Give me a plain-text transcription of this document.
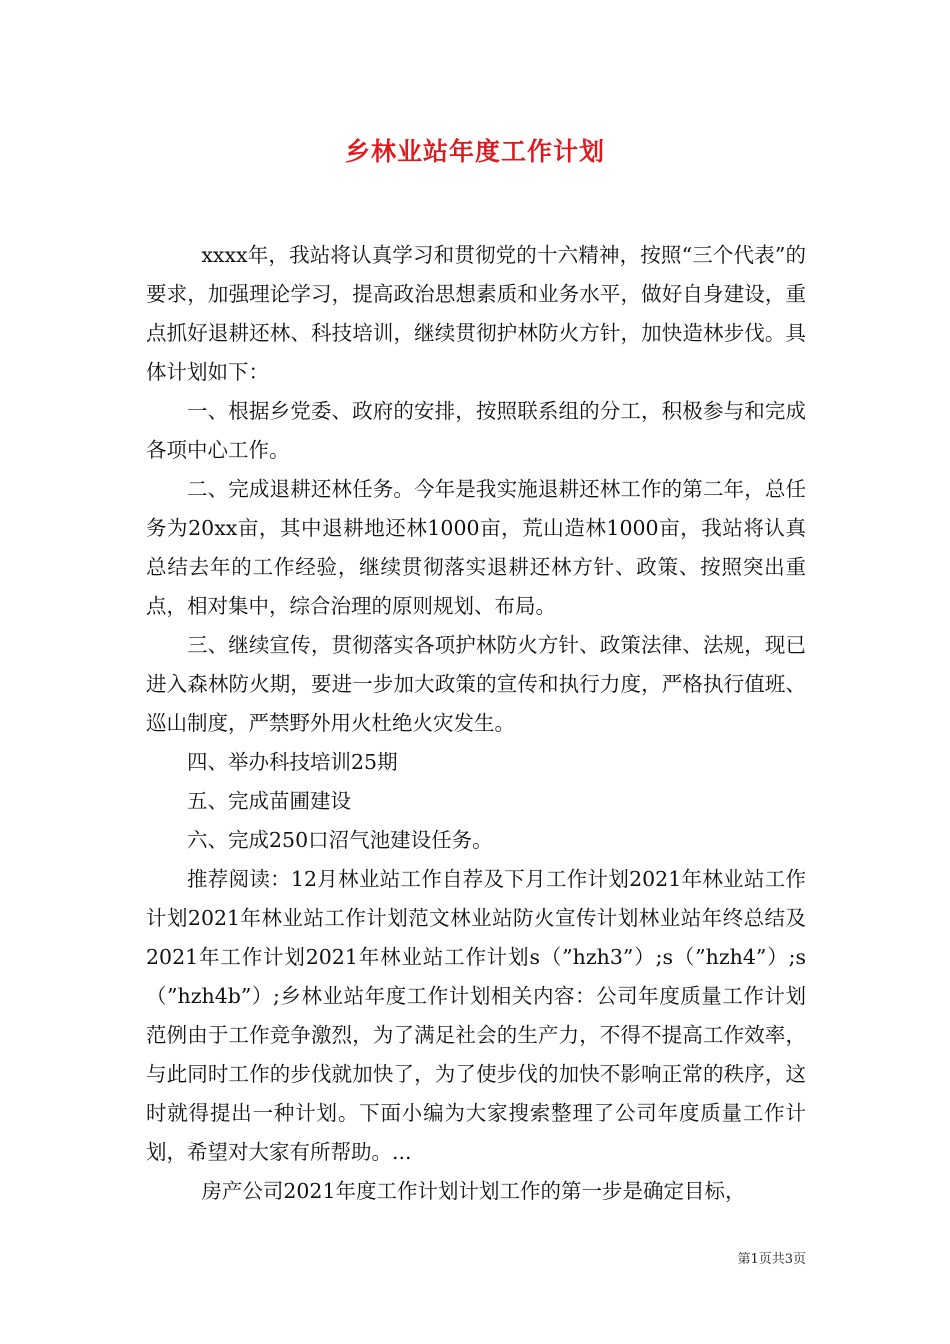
乡林业站年度工作计划

xxxx年，我站将认真学习和贯彻党的十六精神，按照“三个代表”的要求，加强理论学习，提高政治思想素质和业务水平，做好自身建设，重点抓好退耕还林、科技培训，继续贯彻护林防火方针，加快造林步伐。具体计划如下：

一、根据乡党委、政府的安排，按照联系组的分工，积极参与和完成各项中心工作。

二、完成退耕还林任务。今年是我实施退耕还林工作的第二年，总任务为20xx亩，其中退耕地还林1000亩，荒山造林1000亩，我站将认真总结去年的工作经验，继续贯彻落实退耕还林方针、政策、按照突出重点，相对集中，综合治理的原则规划、布局。

三、继续宣传，贯彻落实各项护林防火方针、政策法律、法规，现已进入森林防火期，要进一步加大政策的宣传和执行力度，严格执行值班、巡山制度，严禁野外用火杜绝火灾发生。

四、举办科技培训25期

五、完成苗圃建设

六、完成250口沼气池建设任务。

推荐阅读：12月林业站工作自荐及下月工作计划2021年林业站工作计划2021年林业站工作计划范文林业站防火宣传计划林业站年终总结及2021年工作计划2021年林业站工作计划s（”hzh3”）;s（”hzh4”）;s（”hzh4b”）;乡林业站年度工作计划相关内容：公司年度质量工作计划范例由于工作竞争激烈，为了满足社会的生产力，不得不提高工作效率，与此同时工作的步伐就加快了，为了使步伐的加快不影响正常的秩序，这时就得提出一种计划。下面小编为大家搜索整理了公司年度质量工作计划，希望对大家有所帮助。...

房产公司2021年度工作计划计划工作的第一步是确定目标，

第1页共3页
